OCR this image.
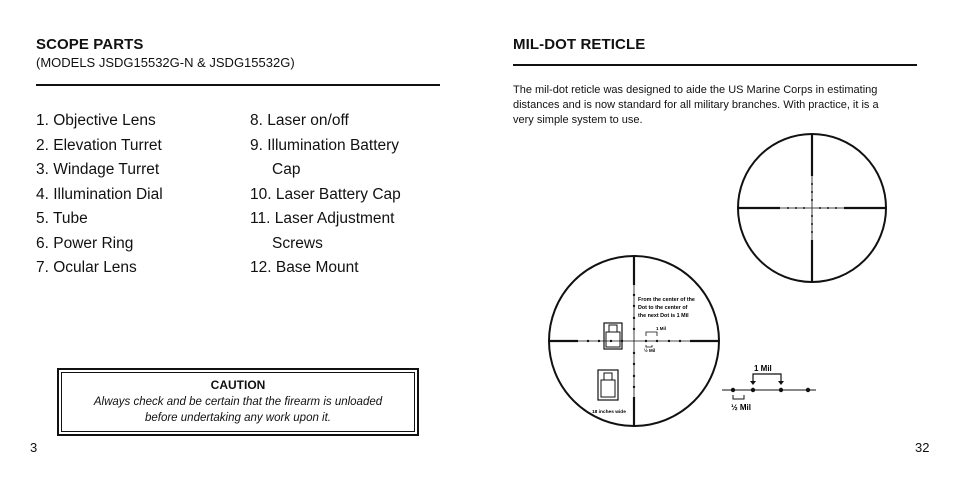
SCOPE PARTS
(MODELS JSDG15532G-N & JSDG15532G)
1. Objective Lens
2. Elevation Turret
3. Windage Turret
4. Illumination Dial
5. Tube
6. Power Ring
7. Ocular Lens
8. Laser on/off
9. Illumination Battery
Cap
10. Laser Battery Cap
11. Laser Adjustment
Screws
12. Base Mount
CAUTION
Always check and be certain that the firearm is unloaded
before undertaking any work upon it.
3
MIL-DOT RETICLE
The mil-dot reticle was designed to aide the US Marine Corps in estimating
distances and is now standard for all military branches. With practice, it is a
very simple system to use.
From the center of the
Dot to the center of
the next Dot is 1 Mil
1 Mil
½ Mil
18 inches wide
1 Mil
½ Mil
32
